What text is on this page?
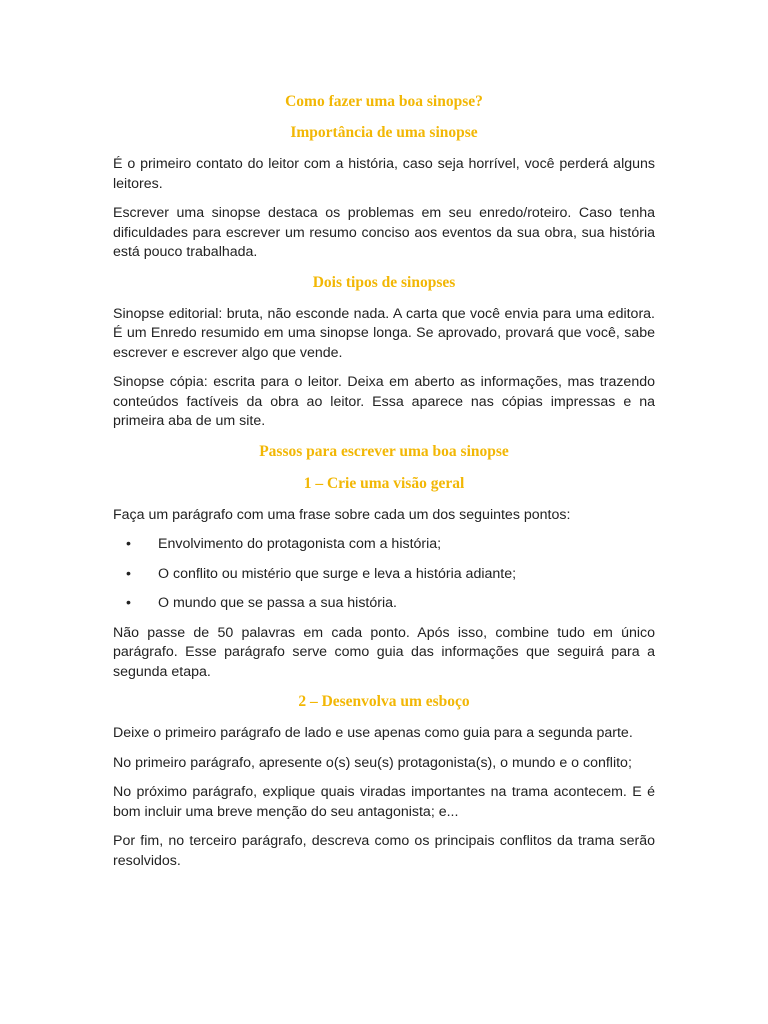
Como fazer uma boa sinopse?
Importância de uma sinopse

É o primeiro contato do leitor com a história, caso seja horrível, você perderá alguns leitores.

Escrever uma sinopse destaca os problemas em seu enredo/roteiro. Caso tenha dificuldades para escrever um resumo conciso aos eventos da sua obra, sua história está pouco trabalhada.

Dois tipos de sinopses

Sinopse editorial: bruta, não esconde nada. A carta que você envia para uma editora. É um Enredo resumido em uma sinopse longa. Se aprovado, provará que você, sabe escrever e escrever algo que vende.

Sinopse cópia: escrita para o leitor. Deixa em aberto as informações, mas trazendo conteúdos factíveis da obra ao leitor. Essa aparece nas cópias impressas e na primeira aba de um site.

Passos para escrever uma boa sinopse
1 – Crie uma visão geral

Faça um parágrafo com uma frase sobre cada um dos seguintes pontos:

• Envolvimento do protagonista com a história;
• O conflito ou mistério que surge e leva a história adiante;
• O mundo que se passa a sua história.

Não passe de 50 palavras em cada ponto. Após isso, combine tudo em único parágrafo. Esse parágrafo serve como guia das informações que seguirá para a segunda etapa.

2 – Desenvolva um esboço

Deixe o primeiro parágrafo de lado e use apenas como guia para a segunda parte.

No primeiro parágrafo, apresente o(s) seu(s) protagonista(s), o mundo e o conflito;

No próximo parágrafo, explique quais viradas importantes na trama acontecem. E é bom incluir uma breve menção do seu antagonista; e...

Por fim, no terceiro parágrafo, descreva como os principais conflitos da trama serão resolvidos.
